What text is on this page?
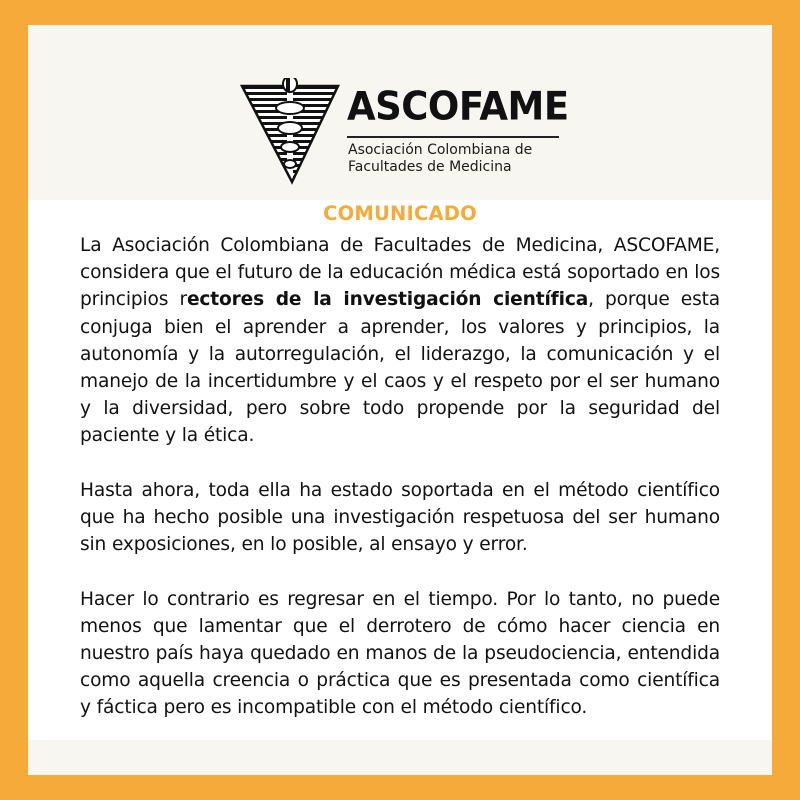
ASCOFAME
Asociación Colombiana de
Facultades de Medicina
COMUNICADO

La Asociación Colombiana de Facultades de Medicina, ASCOFAME, considera que el futuro de la educación médica está soportado en los principios rectores de la investigación científica, porque esta conjuga bien el aprender a aprender, los valores y principios, la autonomía y la autorregulación, el liderazgo, la comunicación y el manejo de la incertidumbre y el caos y el respeto por el ser humano y la diversidad, pero sobre todo propende por la seguridad del paciente y la ética.

Hasta ahora, toda ella ha estado soportada en el método científico que ha hecho posible una investigación respetuosa del ser humano sin exposiciones, en lo posible, al ensayo y error.

Hacer lo contrario es regresar en el tiempo. Por lo tanto, no puede menos que lamentar que el derrotero de cómo hacer ciencia en nuestro país haya quedado en manos de la pseudociencia, entendida como aquella creencia o práctica que es presentada como científica y fáctica pero es incompatible con el método científico.
